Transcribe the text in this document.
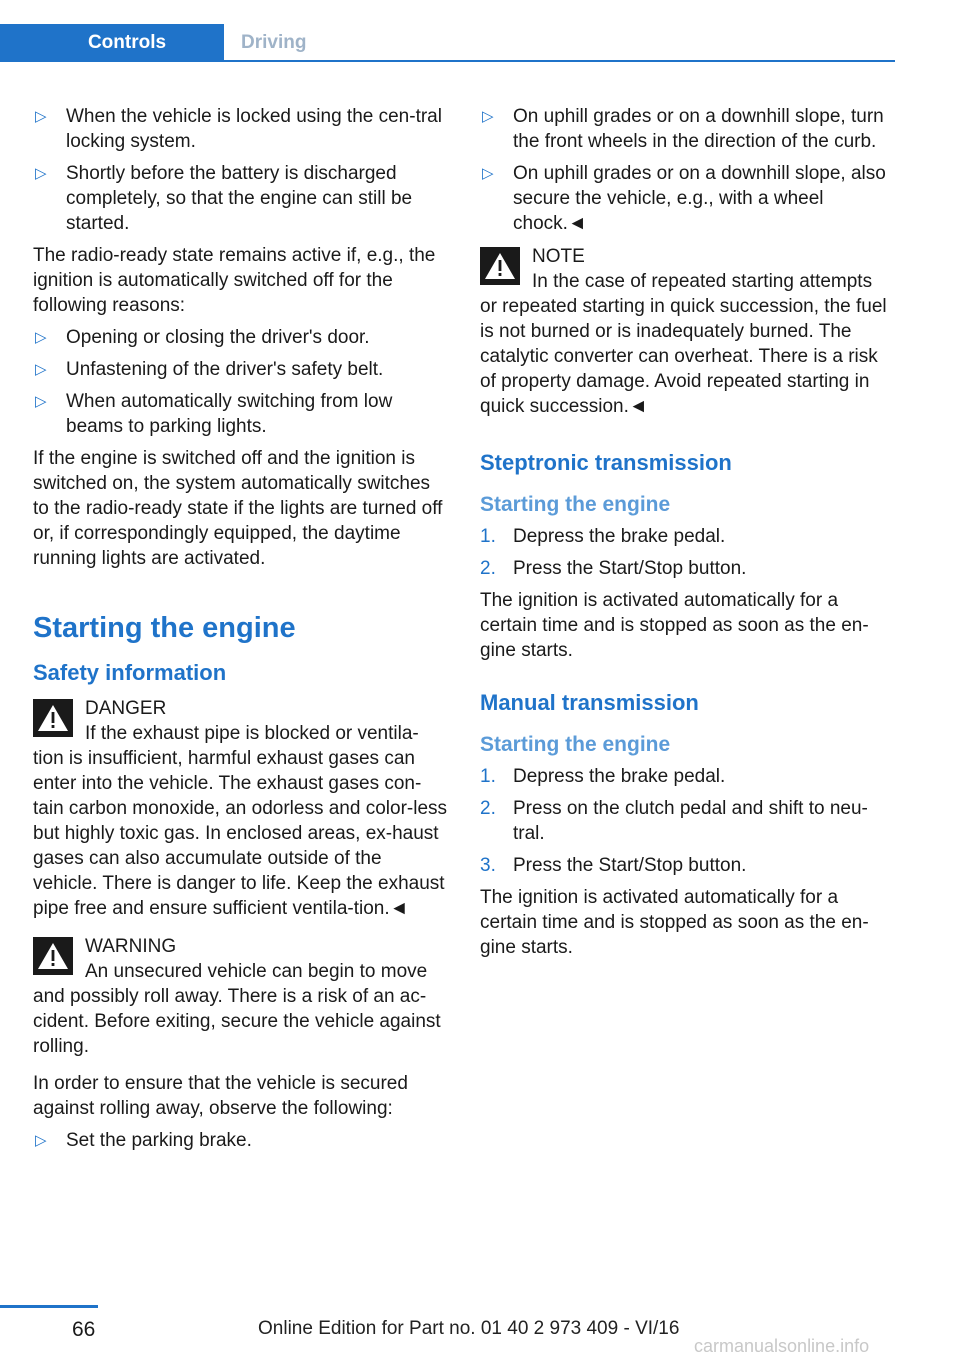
Controls	Driving
▷	When the vehicle is locked using the cen‐tral locking system.
▷	Shortly before the battery is discharged completely, so that the engine can still be started.

The radio-ready state remains active if, e.g., the ignition is automatically switched off for the following reasons:

▷	Opening or closing the driver's door.
▷	Unfastening of the driver's safety belt.
▷	When automatically switching from low beams to parking lights.

If the engine is switched off and the ignition is switched on, the system automatically switches to the radio-ready state if the lights are turned off or, if correspondingly equipped, the daytime running lights are activated.

Starting the engine
Safety information
DANGER
If the exhaust pipe is blocked or ventila‐
tion is insufficient, harmful exhaust gases can enter into the vehicle. The exhaust gases con‐tain carbon monoxide, an odorless and color‐less but highly toxic gas. In enclosed areas, ex‐haust gases can also accumulate outside of the vehicle. There is danger to life. Keep the exhaust pipe free and ensure sufficient ventila‐tion.◄
WARNING
An unsecured vehicle can begin to move
and possibly roll away. There is a risk of an ac‐cident. Before exiting, secure the vehicle against rolling.

In order to ensure that the vehicle is secured against rolling away, observe the following:

▷	Set the parking brake.
▷	On uphill grades or on a downhill slope, turn the front wheels in the direction of the curb.
▷	On uphill grades or on a downhill slope, also secure the vehicle, e.g., with a wheel chock.◄
NOTE
In the case of repeated starting attempts
or repeated starting in quick succession, the fuel is not burned or is inadequately burned. The catalytic converter can overheat. There is a risk of property damage. Avoid repeated starting in quick succession.◄
Steptronic transmission
Starting the engine
1. Depress the brake pedal.
2. Press the Start/Stop button.

The ignition is activated automatically for a certain time and is stopped as soon as the en‐gine starts.

Manual transmission
Starting the engine
1. Depress the brake pedal.
2. Press on the clutch pedal and shift to neu‐tral.
3. Press the Start/Stop button.

The ignition is activated automatically for a certain time and is stopped as soon as the en‐gine starts.

66	Online Edition for Part no. 01 40 2 973 409 - VI/16
carmanualsonline.info
